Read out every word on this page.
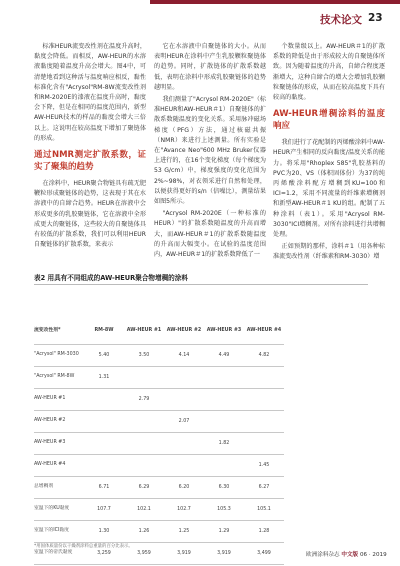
技术论文 23

标准HEUR流变改性剂在温度升高时，黏度会降低。而相反，AW-HEUR的水溶液黏度随着温度升高会增大。图4中，可清楚地看到这种活与温度响应相反，黏性标准化含有"Acrysol"RM-8W流变改性剂和RM-2020E的漆液在温度升高时，黏度会下降，但是在相同的温度范围内，新型AW-HEUR技术的样品的黏度会增大三倍以上。这说明在较高温度下增加了聚链体的形成。

通过NMR测定扩散系数，证实了聚集的趋势

在涂料中，HEUR聚合物链具有疏无肥鞭粒形成聚链体的趋势，这表现于其在水溶液中的自締合趋势。HEUR在溶液中会形成更多的乳胶聚链体，它在溶液中全形成更大的聚链体，这些较大的自聚链体具有较低的扩散系数，我们可以利用HEUR自聚链体的扩散系数，来表示

它在水溶液中自聚链体的大小。从而表明HEUR在涂料中产生乳胶颗粒聚链体的趋势。同时，扩散链体的扩散系数越低，表明在涂料中形成乳胶聚链体的趋势越明显。

我们测量了"Acrysol RM-2020E"（标准HEUR和AW-HEUR＃1）自聚链体的扩散系数随温度的变化关系。采用脉冲磁场梯度（PFG）方法，通过核磁共振（NMR）来进行上述测量。所有实验是在"Avance Neo"600 MHz Bruker仪器上进行的，在16个变化梯度（每个梯度为53 G/cm）中，梯度强度的变化范围为2%~98%，对衣领采进行自然和处理，以便获得更好的s/n（信噪比），测量结果如图5所示。

"Acrysol RM-2020E（一种标准的HEUR）"的扩散系数随温度的升高而增大，而AW-HEUR＃1的扩散系数随温度的升高而大幅变小。在试验的温度范围内，AW-HEUR＃1的扩散系数降低了一

个数量级以上。AW-HEUR＃1的扩散系数的降低是由于形成较大的自聚链体所致。因为随着温度的升高，自締合程度逐渐增大，这种自締合的增大会增加乳胶颗粒聚链体的形成，从而在较高温度下具有较高的黏度。

AW-HEUR增稠涂料的温度响应

我们进行了花配制的丙烯酸涂料中AW-HEUR产生相同的反向黏度/温度关系的能力。将采用"Rhoplex 585"乳胶基料的PVC为20、VS（体积固体份）为37的纯丙烯酸涂料配方增稠到KU=100和ICI=1.2，采用不同流量的纤维素增稠剂和新型AW-HEUR＃1 KU的组。配制了五种涂料（表1）。采用"Acrysol RM-3030"ICI增稠剂。对所有涂料进行共增稠处理。

正如预期的那样，涂料＃1（用各种标准流变改性剂（纤维素和RM-3030）增

表2 用具有不同组成的AW-HEUR聚合物增稠的涂料
流变改性剂*	RM-8W	AW-HEUR #1	AW-HEUR #2	AW-HEUR #3	AW-HEUR #4
"Acrysol" RM-3030	5.40	3.50	4.14	4.49	4.82
"Acrysol" RM-8W	1.31				
AW-HEUR #1		2.79			
AW-HEUR #2			2.07		
AW-HEUR #3				1.82	
AW-HEUR #4					1.45
总增稠剂	6.71	6.29	6.20	6.30	6.27
室温下的KU黏度	107.7	102.1	102.7	105.3	105.1
室温下的ICI黏度	1.30	1.26	1.25	1.29	1.28
室温下的帝氏黏度	3,259	3,959	3,919	3,919	3,499
*用固体质量份以干燥剂涂料总重量的百分比表示。
欧洲涂料杂志 中文版 06 · 2019
